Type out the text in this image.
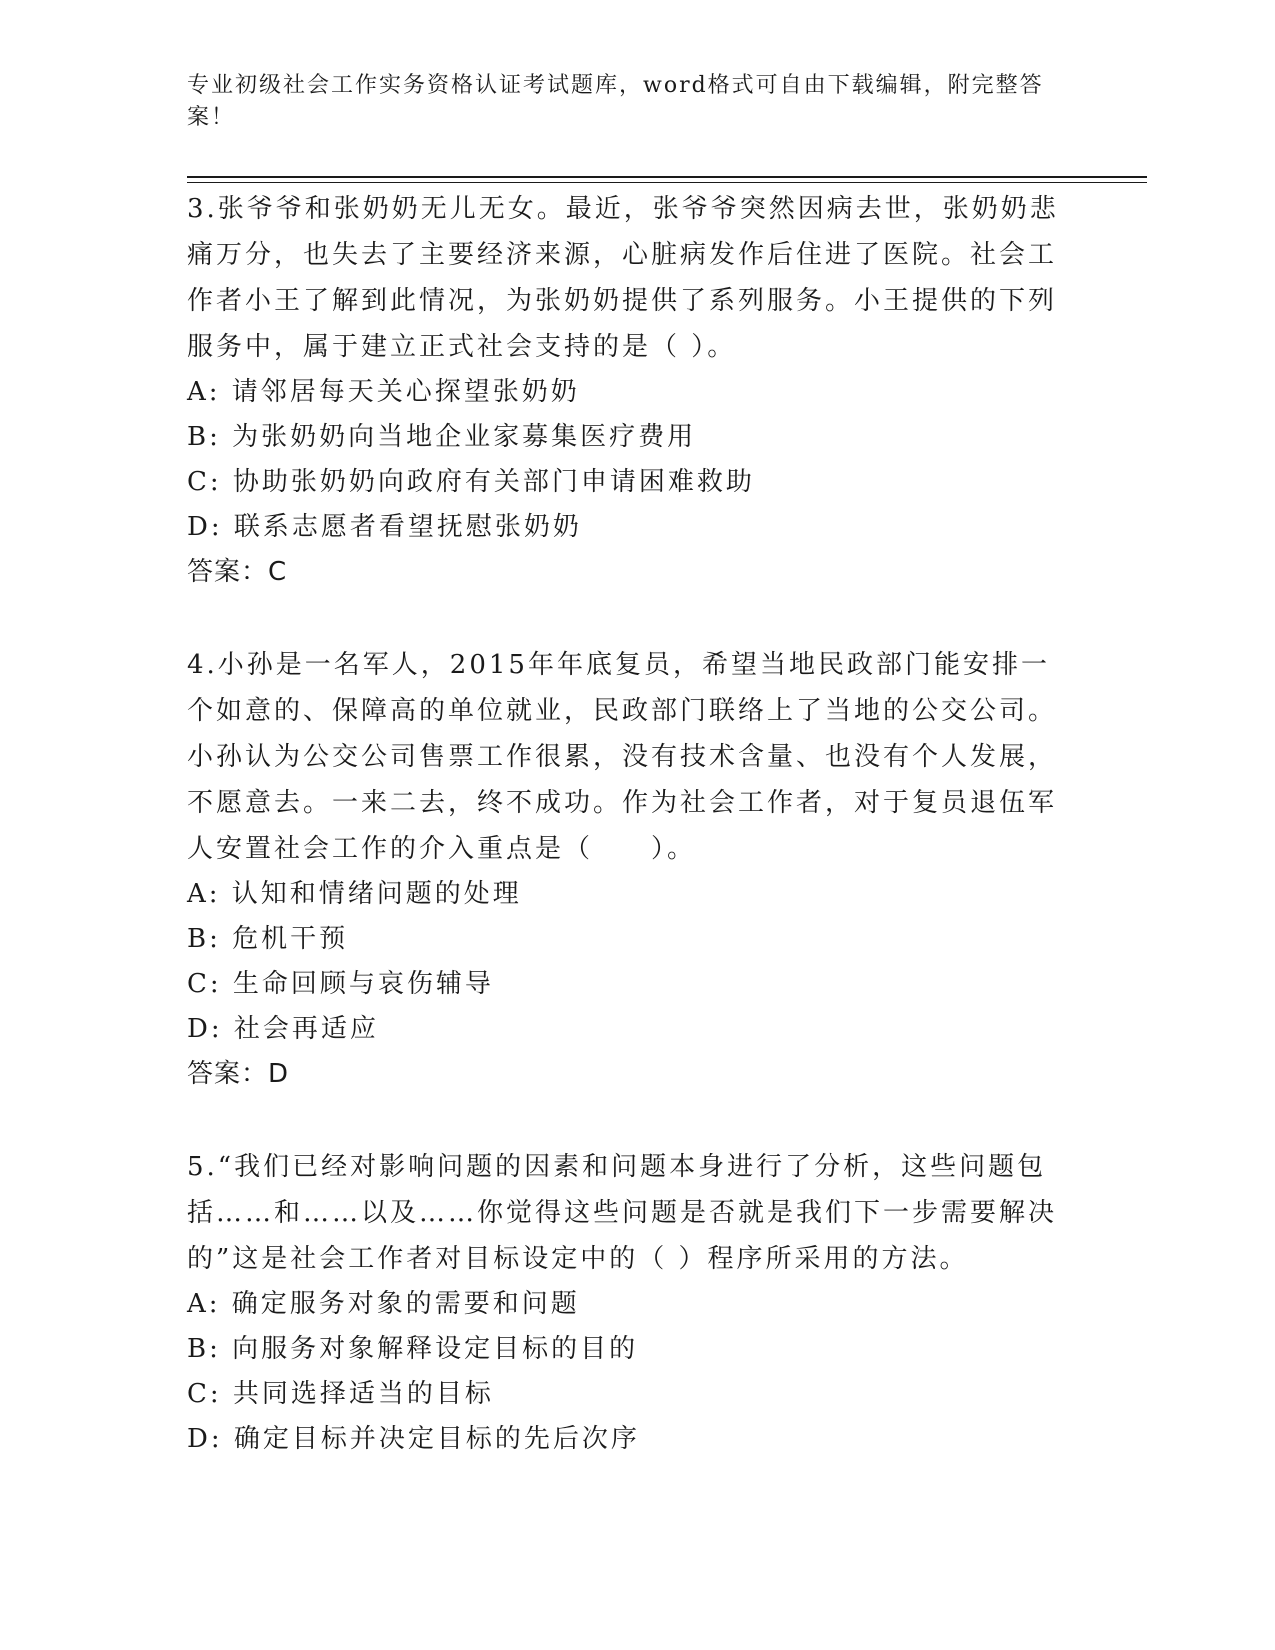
专业初级社会工作实务资格认证考试题库，word格式可自由下载编辑，附完整答案！
3.张爷爷和张奶奶无儿无女。最近，张爷爷突然因病去世，张奶奶悲痛万分，也失去了主要经济来源，心脏病发作后住进了医院。社会工作者小王了解到此情况，为张奶奶提供了系列服务。小王提供的下列服务中，属于建立正式社会支持的是（ ）。
A: 请邻居每天关心探望张奶奶
B: 为张奶奶向当地企业家募集医疗费用
C: 协助张奶奶向政府有关部门申请困难救助
D: 联系志愿者看望抚慰张奶奶
答案：C
4.小孙是一名军人，2015年年底复员，希望当地民政部门能安排一个如意的、保障高的单位就业，民政部门联络上了当地的公交公司。小孙认为公交公司售票工作很累，没有技术含量、也没有个人发展，不愿意去。一来二去，终不成功。作为社会工作者，对于复员退伍军人安置社会工作的介入重点是（　　）。
A: 认知和情绪问题的处理
B: 危机干预
C: 生命回顾与哀伤辅导
D: 社会再适应
答案：D
5.“我们已经对影响问题的因素和问题本身进行了分析，这些问题包括……和……以及……你觉得这些问题是否就是我们下一步需要解决的”这是社会工作者对目标设定中的（ ）程序所采用的方法。
A: 确定服务对象的需要和问题
B: 向服务对象解释设定目标的目的
C: 共同选择适当的目标
D: 确定目标并决定目标的先后次序
